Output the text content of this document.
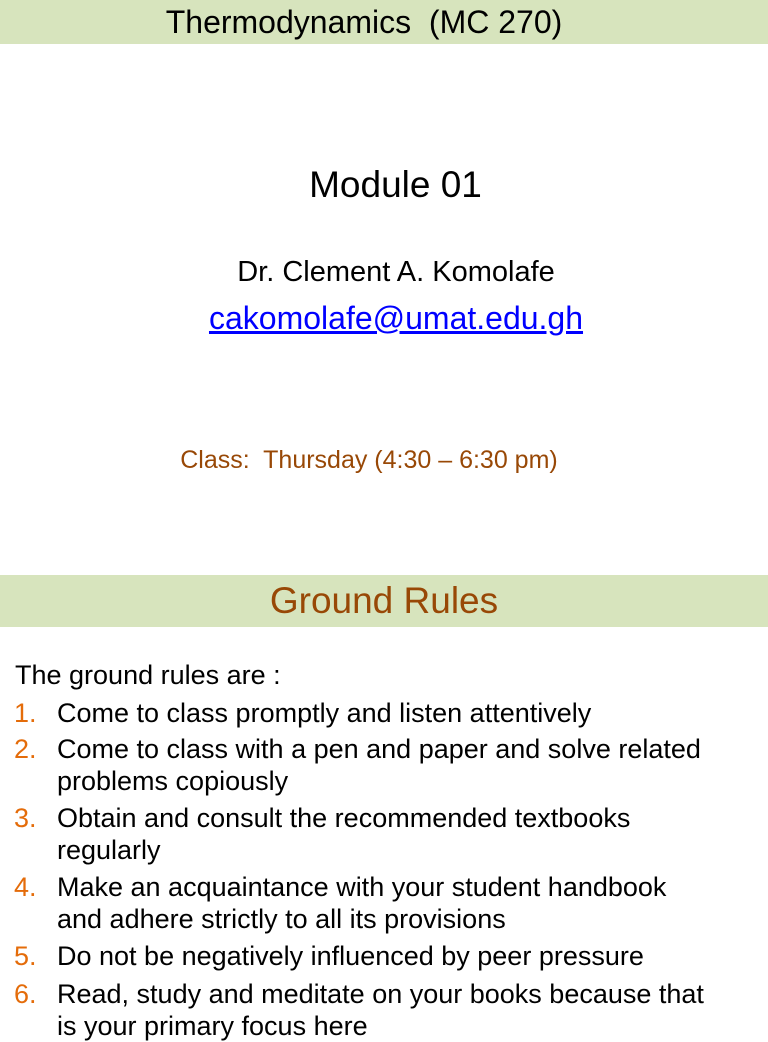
Thermodynamics  (MC 270)
Module 01
Dr. Clement A. Komolafe
cakomolafe@umat.edu.gh
Class:  Thursday (4:30 – 6:30 pm)
Ground Rules
The ground rules are :
1. Come to class promptly and listen attentively
2. Come to class with a pen and paper and solve related
problems copiously
3. Obtain and consult the recommended textbooks
regularly
4. Make an acquaintance with your student handbook
and adhere strictly to all its provisions
5. Do not be negatively influenced by peer pressure
6. Read, study and meditate on your books because that
is your primary focus here
